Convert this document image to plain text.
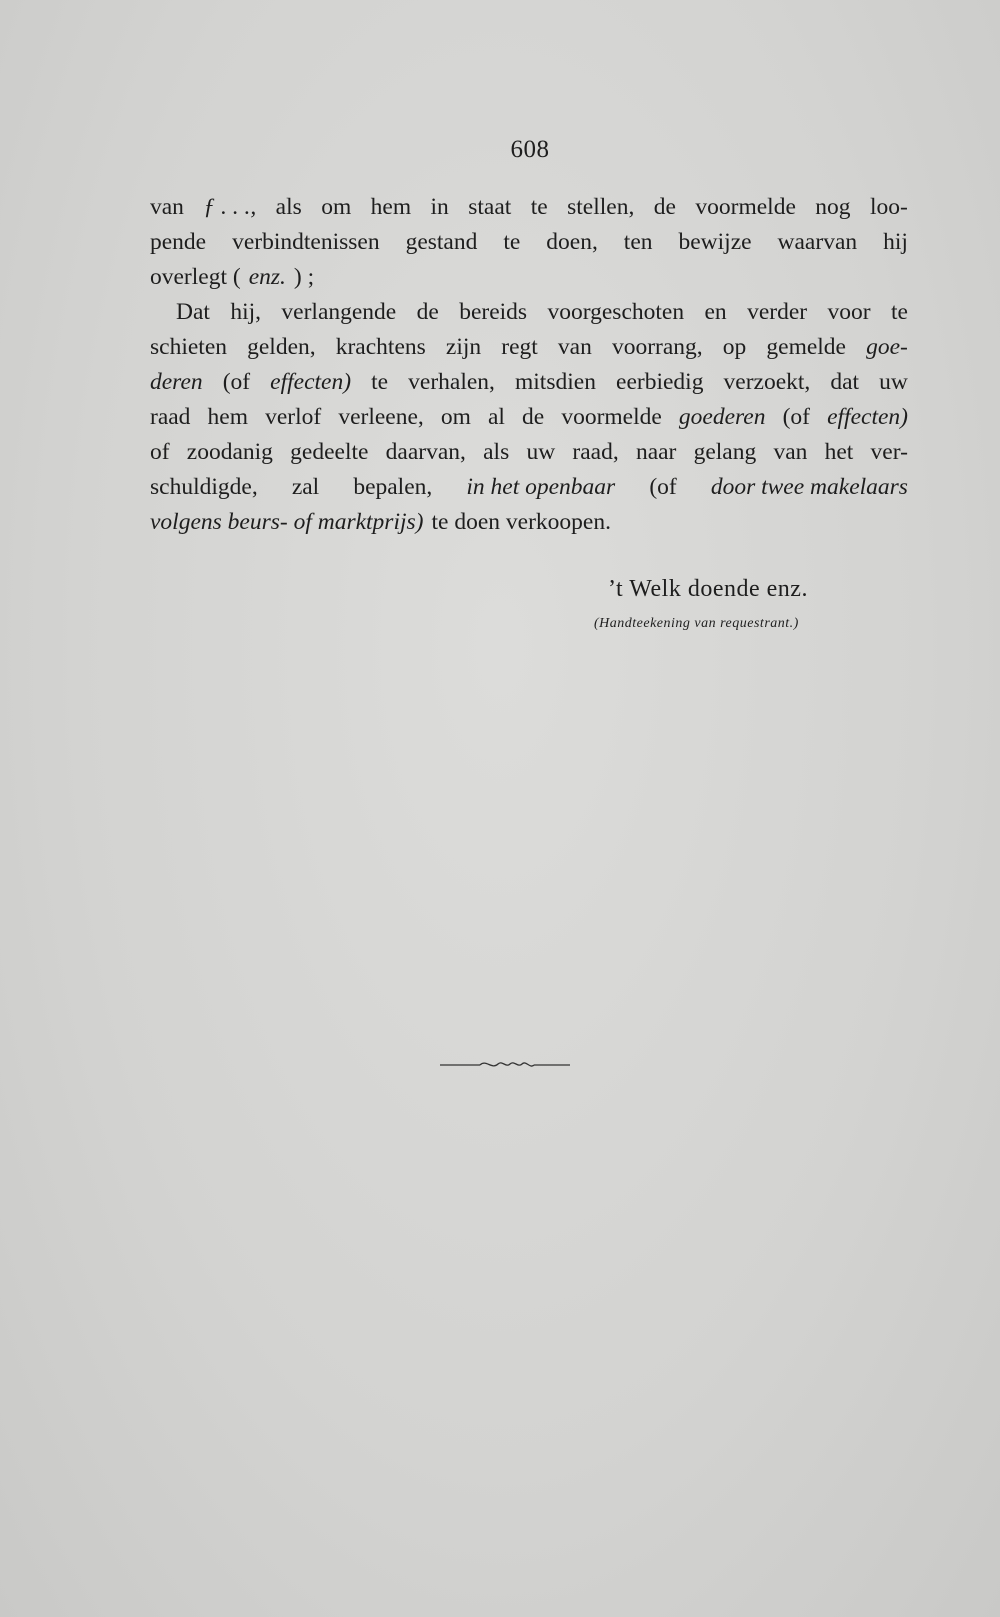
608
van ƒ . . ., als om hem in staat te stellen, de voormelde nog loo-
pende verbindtenissen gestand te doen, ten bewijze waarvan hij
overlegt ( enz. ) ;
Dat hij, verlangende de bereids voorgeschoten en verder voor te
schieten gelden, krachtens zijn regt van voorrang, op gemelde goe-
deren (of effecten) te verhalen, mitsdien eerbiedig verzoekt, dat uw
raad hem verlof verleene, om al de voormelde goederen (of effecten)
of zoodanig gedeelte daarvan, als uw raad, naar gelang van het ver-
schuldigde, zal bepalen, in het openbaar (of door twee makelaars
volgens beurs- of marktprijs) te doen verkoopen.
’t Welk doende enz.
(Handteekening van requestrant.)
